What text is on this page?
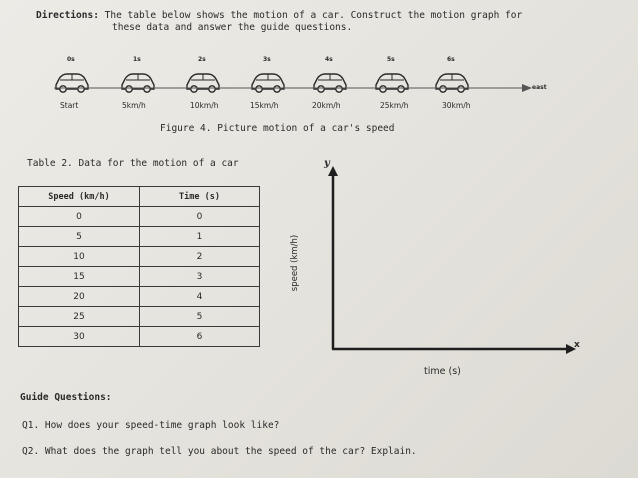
Directions: The table below shows the motion of a car. Construct the motion graph for
these data and answer the guide questions.
0s	1s	2s	3s	4s	5s	6s
Start	5km/h	10km/h	15km/h	20km/h	25km/h	30km/h
east
Figure 4. Picture motion of a car's speed
Table 2. Data for the motion of a car
Speed (km/h)	Time (s)
0	0
5	1
10	2
15	3
20	4
25	5
30	6
y
x
speed (km/h)
time (s)
Guide Questions:
Q1. How does your speed-time graph look like?
Q2. What does the graph tell you about the speed of the car? Explain.
